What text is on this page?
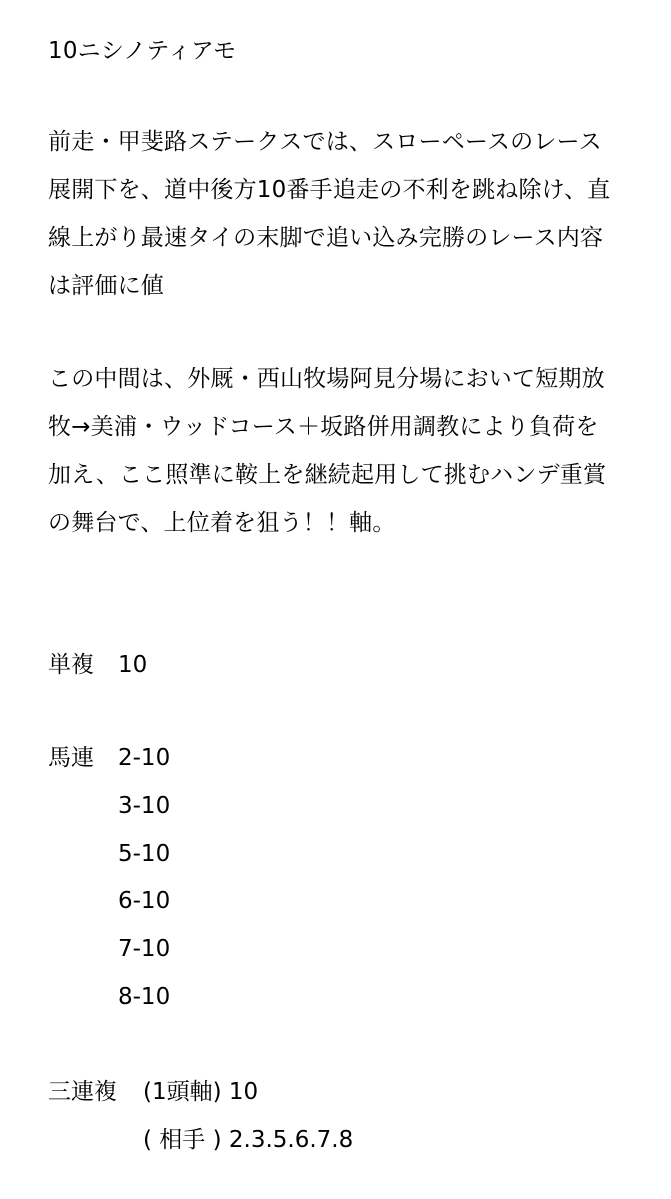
10ニシノティアモ
前走・甲斐路ステークスでは、スローペースのレース
展開下を、道中後方10番手追走の不利を跳ね除け、直
線上がり最速タイの末脚で追い込み完勝のレース内容
は評価に値
この中間は、外厩・西山牧場阿見分場において短期放
牧→美浦・ウッドコース＋坂路併用調教により負荷を
加え、ここ照準に鞍上を継続起用して挑むハンデ重賞
の舞台で、上位着を狙う！！軸。
単複 10
馬連 2-10
3-10
5-10
6-10
7-10
8-10
三連複 (1頭軸) 10
( 相手 ) 2.3.5.6.7.8
